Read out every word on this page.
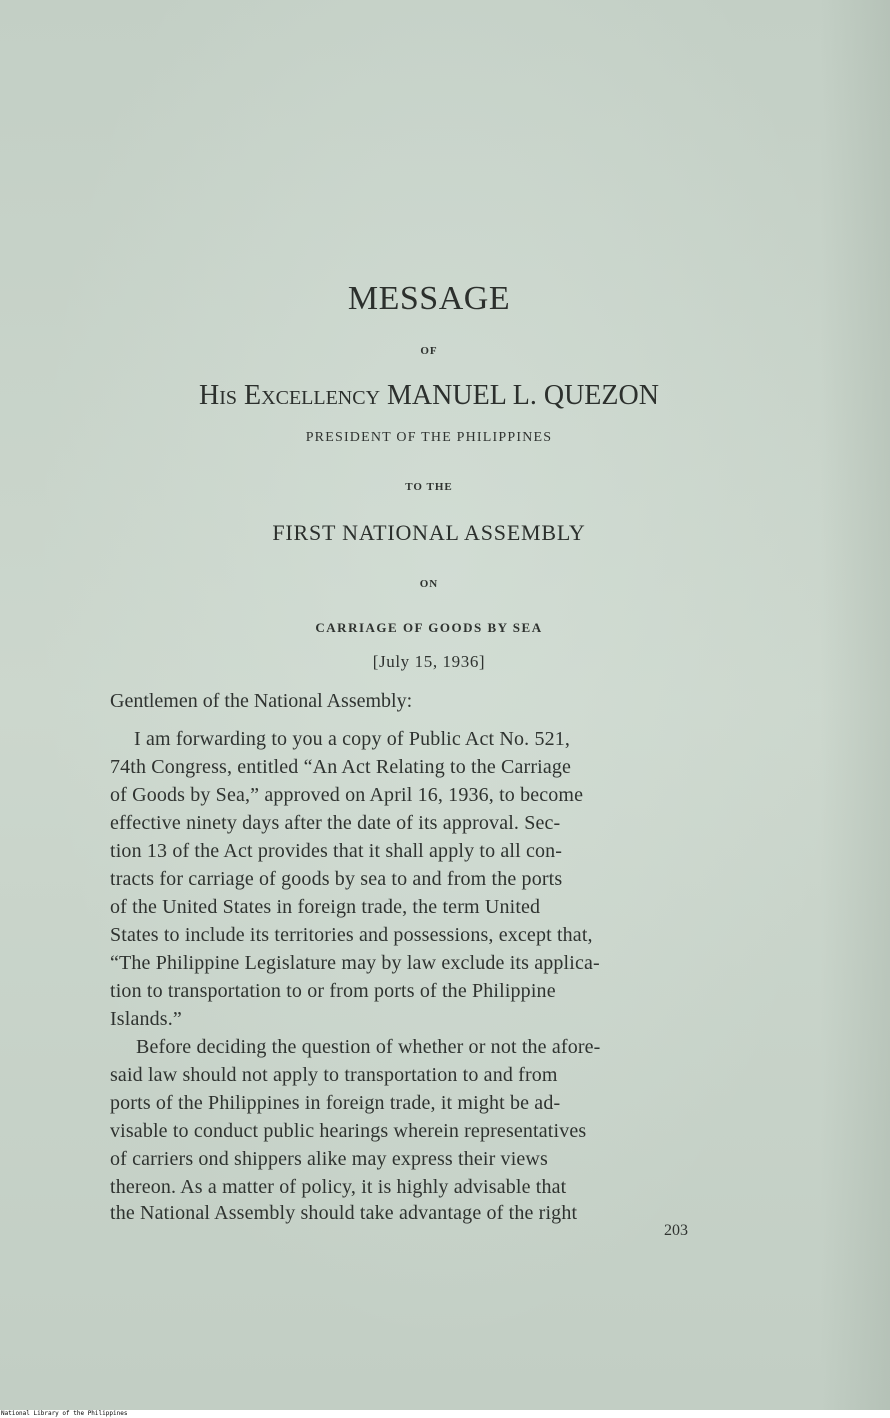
MESSAGE
OF
His Excellency MANUEL L. QUEZON
PRESIDENT OF THE PHILIPPINES
TO THE
FIRST NATIONAL ASSEMBLY
ON
CARRIAGE OF GOODS BY SEA
[July 15, 1936]
Gentlemen of the National Assembly:
I am forwarding to you a copy of Public Act No. 521,
74th Congress, entitled “An Act Relating to the Carriage
of Goods by Sea,” approved on April 16, 1936, to become
effective ninety days after the date of its approval. Sec-
tion 13 of the Act provides that it shall apply to all con-
tracts for carriage of goods by sea to and from the ports
of the United States in foreign trade, the term United
States to include its territories and possessions, except that,
“The Philippine Legislature may by law exclude its applica-
tion to transportation to or from ports of the Philippine
Islands.”
Before deciding the question of whether or not the afore-
said law should not apply to transportation to and from
ports of the Philippines in foreign trade, it might be ad-
visable to conduct public hearings wherein representatives
of carriers ond shippers alike may express their views
thereon. As a matter of policy, it is highly advisable that
the National Assembly should take advantage of the right
203
National Library of the Philippines
